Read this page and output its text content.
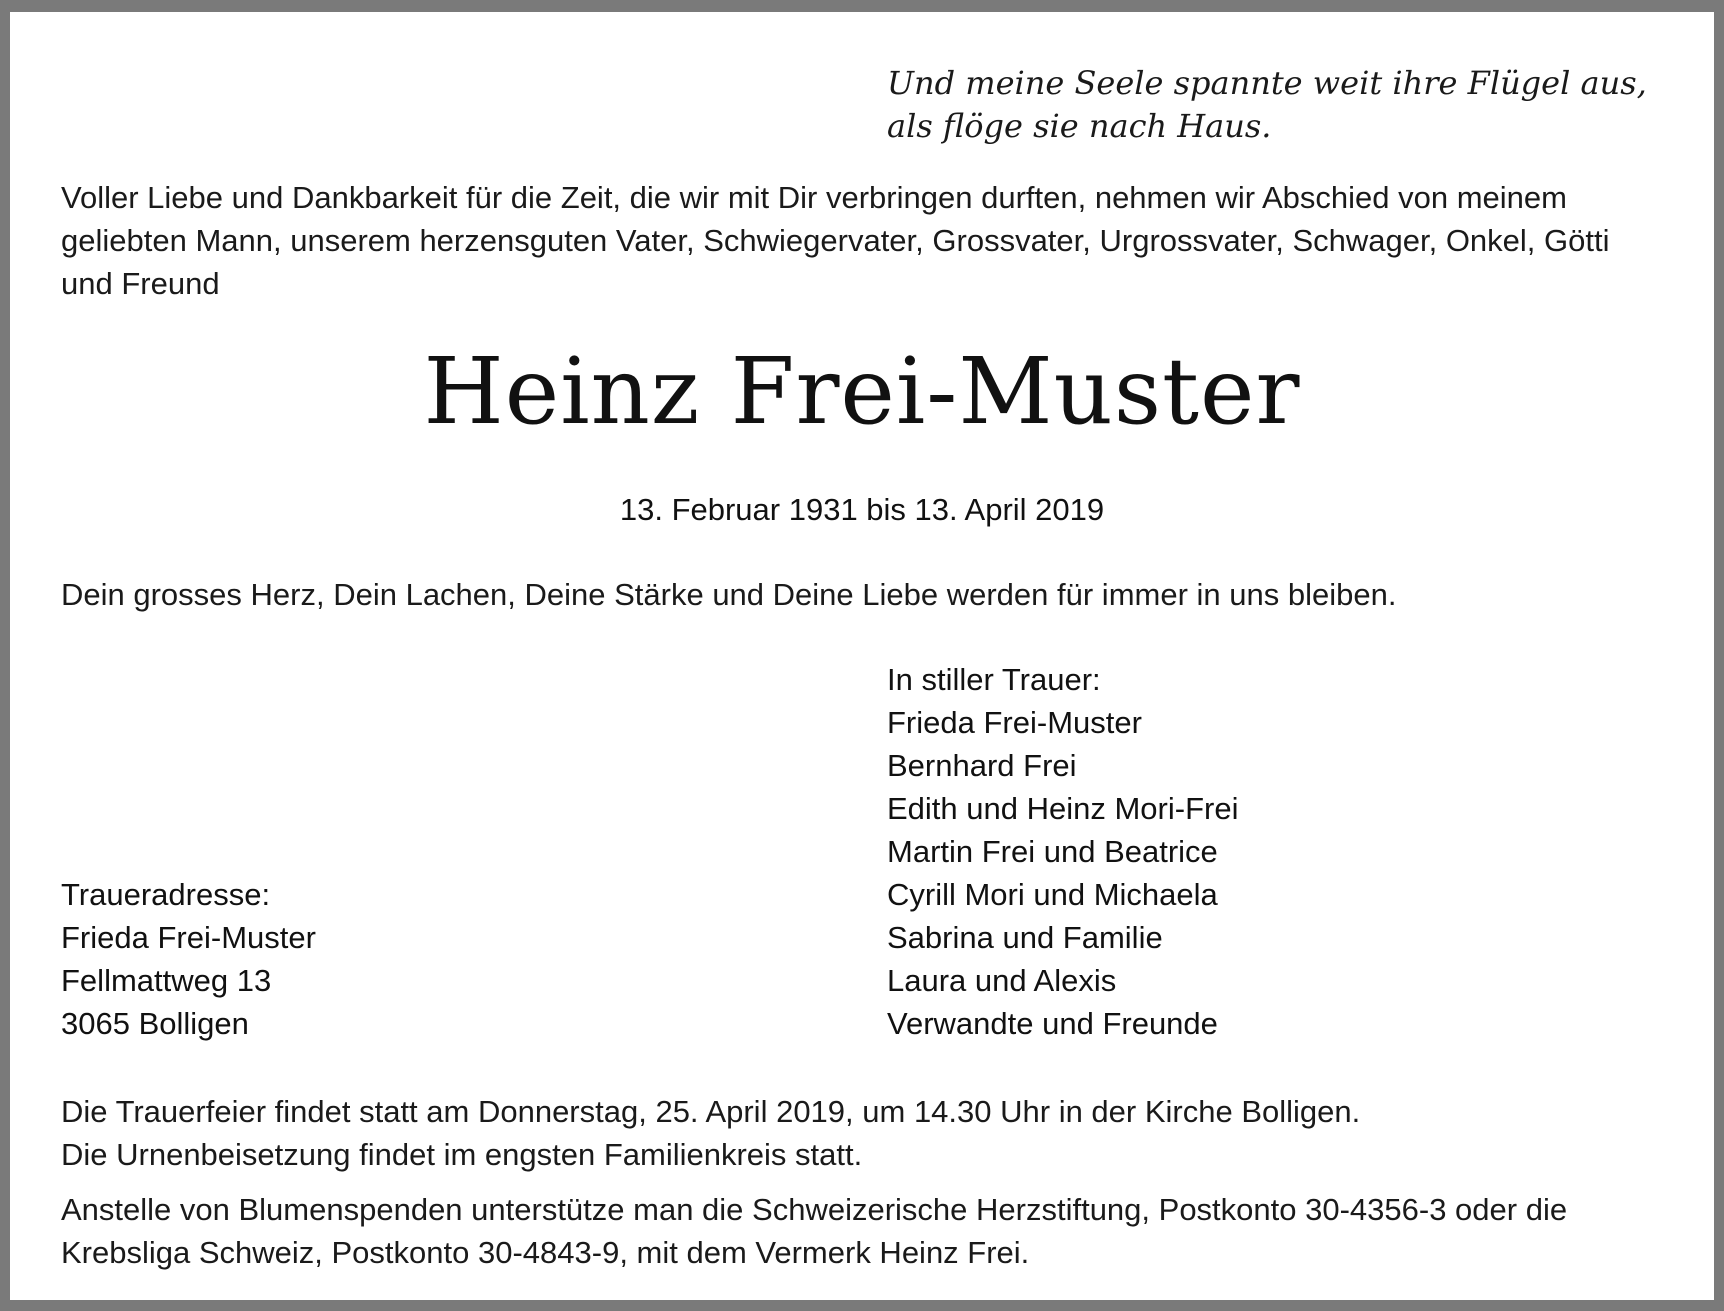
Und meine Seele spannte weit ihre Flügel aus,
als flöge sie nach Haus.
Voller Liebe und Dankbarkeit für die Zeit, die wir mit Dir verbringen durften, nehmen wir Abschied von meinem
geliebten Mann, unserem herzensguten Vater, Schwiegervater, Grossvater, Urgrossvater, Schwager, Onkel, Götti
und Freund
Heinz Frei-Muster
13. Februar 1931 bis 13. April 2019
Dein grosses Herz, Dein Lachen, Deine Stärke und Deine Liebe werden für immer in uns bleiben.
In stiller Trauer:
Frieda Frei-Muster
Bernhard Frei
Edith und Heinz Mori-Frei
Martin Frei und Beatrice
Cyrill Mori und Michaela
Sabrina und Familie
Laura und Alexis
Verwandte und Freunde
Traueradresse:
Frieda Frei-Muster
Fellmattweg 13
3065 Bolligen
Die Trauerfeier findet statt am Donnerstag, 25. April 2019, um 14.30 Uhr in der Kirche Bolligen.
Die Urnenbeisetzung findet im engsten Familienkreis statt.
Anstelle von Blumenspenden unterstütze man die Schweizerische Herzstiftung, Postkonto 30-4356-3 oder die
Krebsliga Schweiz, Postkonto 30-4843-9, mit dem Vermerk Heinz Frei.
